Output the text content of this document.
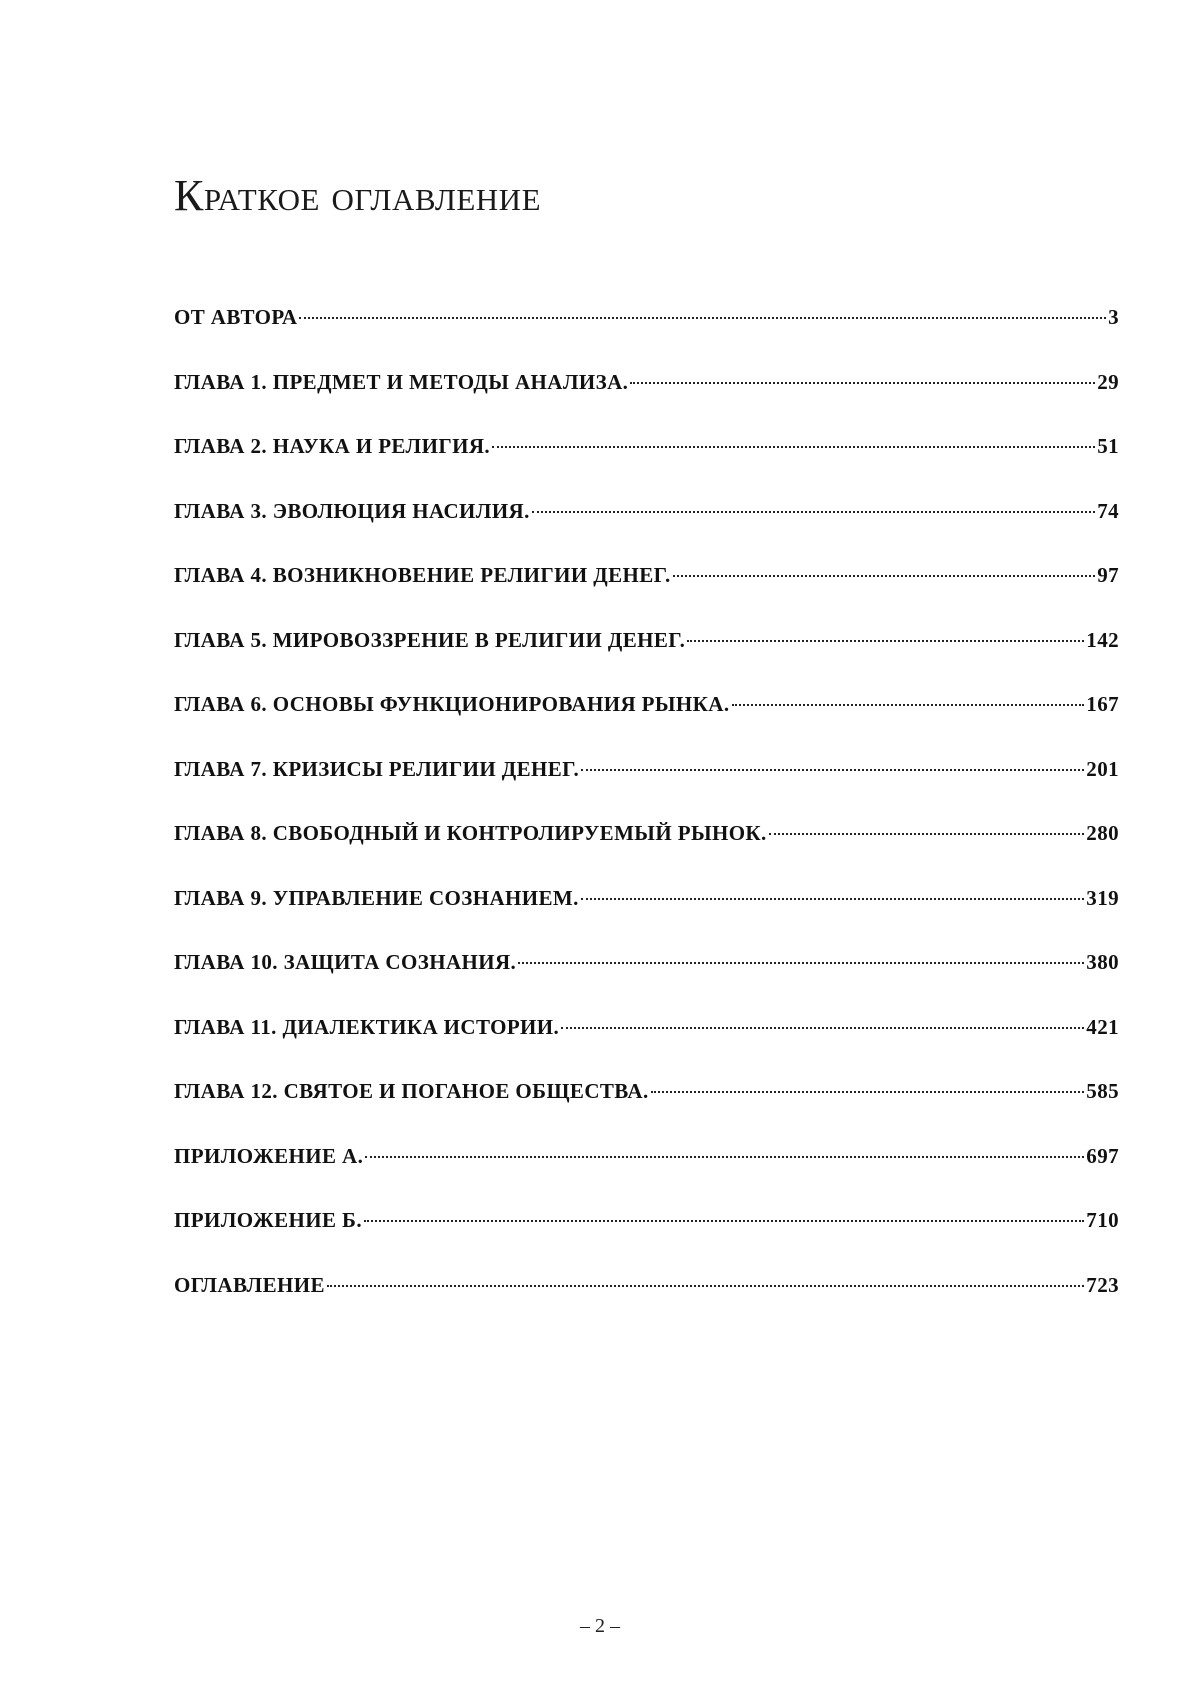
Краткое оглавление
ОТ АВТОРА	3
ГЛАВА 1. ПРЕДМЕТ И МЕТОДЫ АНАЛИЗА.	29
ГЛАВА 2. НАУКА И РЕЛИГИЯ.	51
ГЛАВА 3. ЭВОЛЮЦИЯ НАСИЛИЯ.	74
ГЛАВА 4. ВОЗНИКНОВЕНИЕ РЕЛИГИИ ДЕНЕГ.	97
ГЛАВА 5. МИРОВОЗЗРЕНИЕ В РЕЛИГИИ ДЕНЕГ.	142
ГЛАВА 6. ОСНОВЫ ФУНКЦИОНИРОВАНИЯ РЫНКА.	167
ГЛАВА 7. КРИЗИСЫ РЕЛИГИИ ДЕНЕГ.	201
ГЛАВА 8. СВОБОДНЫЙ И КОНТРОЛИРУЕМЫЙ РЫНОК.	280
ГЛАВА 9. УПРАВЛЕНИЕ СОЗНАНИЕМ.	319
ГЛАВА 10. ЗАЩИТА СОЗНАНИЯ.	380
ГЛАВА 11. ДИАЛЕКТИКА ИСТОРИИ.	421
ГЛАВА 12. СВЯТОЕ И ПОГАНОЕ ОБЩЕСТВА.	585
ПРИЛОЖЕНИЕ А.	697
ПРИЛОЖЕНИЕ Б.	710
ОГЛАВЛЕНИЕ	723
– 2 –
